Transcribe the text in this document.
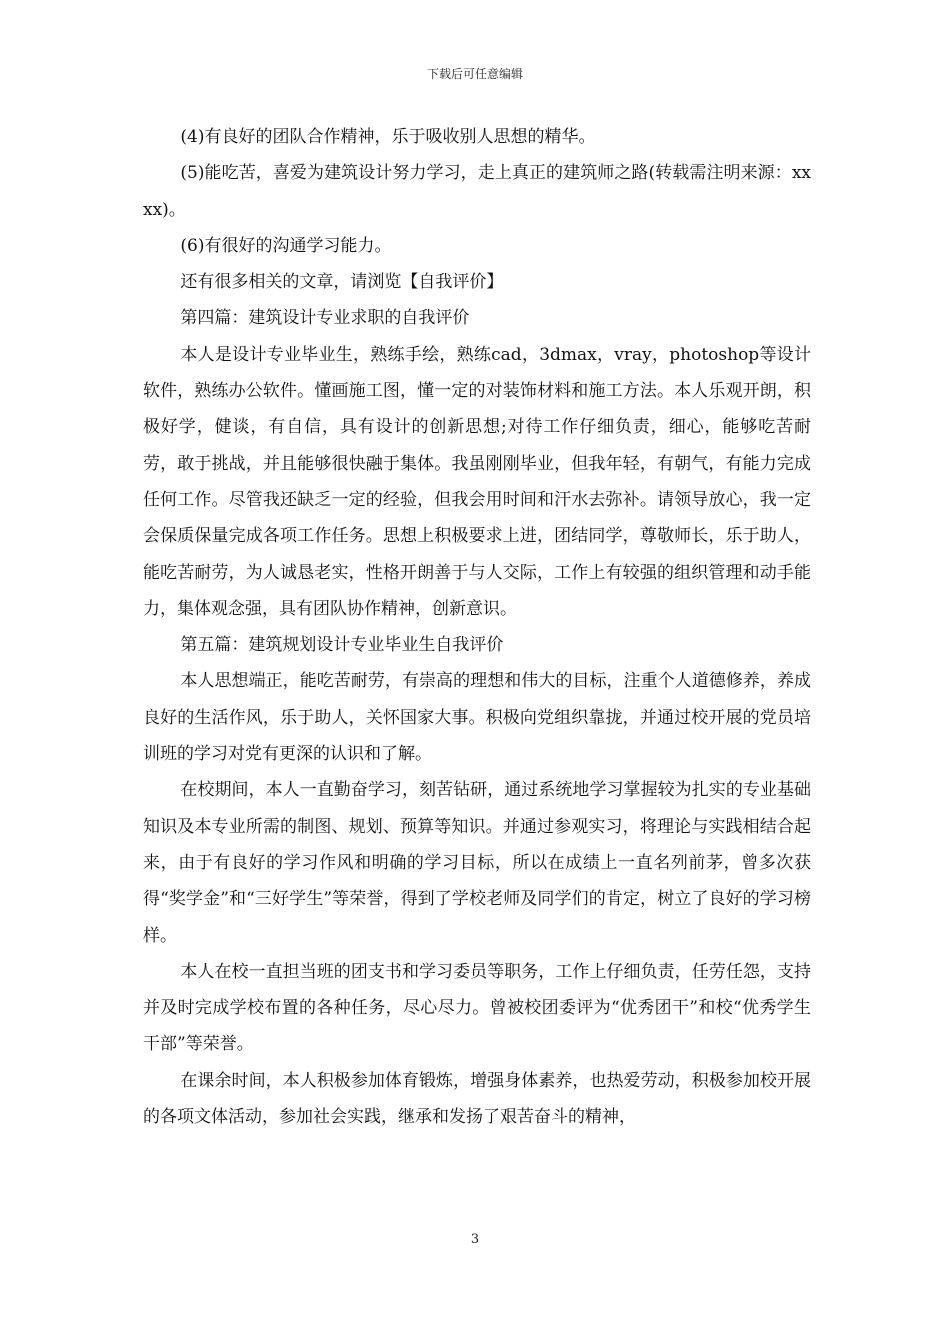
下载后可任意编辑

(4)有良好的团队合作精神，乐于吸收别人思想的精华。

(5)能吃苦，喜爱为建筑设计努力学习，走上真正的建筑师之路(转载需注明来源：xxxx)。

(6)有很好的沟通学习能力。

还有很多相关的文章，请浏览【自我评价】

第四篇：建筑设计专业求职的自我评价

本人是设计专业毕业生，熟练手绘，熟练cad，3dmax，vray，photoshop等设计软件，熟练办公软件。懂画施工图，懂一定的对装饰材料和施工方法。本人乐观开朗，积极好学，健谈，有自信，具有设计的创新思想;对待工作仔细负责，细心，能够吃苦耐劳，敢于挑战，并且能够很快融于集体。我虽刚刚毕业，但我年轻，有朝气，有能力完成任何工作。尽管我还缺乏一定的经验，但我会用时间和汗水去弥补。请领导放心，我一定会保质保量完成各项工作任务。思想上积极要求上进，团结同学，尊敬师长，乐于助人，能吃苦耐劳，为人诚恳老实，性格开朗善于与人交际，工作上有较强的组织管理和动手能力，集体观念强，具有团队协作精神，创新意识。

第五篇：建筑规划设计专业毕业生自我评价

本人思想端正，能吃苦耐劳，有崇高的理想和伟大的目标，注重个人道德修养，养成良好的生活作风，乐于助人，关怀国家大事。积极向党组织靠拢，并通过校开展的党员培训班的学习对党有更深的认识和了解。

在校期间，本人一直勤奋学习，刻苦钻研，通过系统地学习掌握较为扎实的专业基础知识及本专业所需的制图、规划、预算等知识。并通过参观实习，将理论与实践相结合起来，由于有良好的学习作风和明确的学习目标，所以在成绩上一直名列前茅，曾多次获得“奖学金”和“三好学生”等荣誉，得到了学校老师及同学们的肯定，树立了良好的学习榜样。

本人在校一直担当班的团支书和学习委员等职务，工作上仔细负责，任劳任怨，支持并及时完成学校布置的各种任务，尽心尽力。曾被校团委评为“优秀团干”和校“优秀学生干部”等荣誉。

在课余时间，本人积极参加体育锻炼，增强身体素养，也热爱劳动，积极参加校开展的各项文体活动，参加社会实践，继承和发扬了艰苦奋斗的精神，

3
